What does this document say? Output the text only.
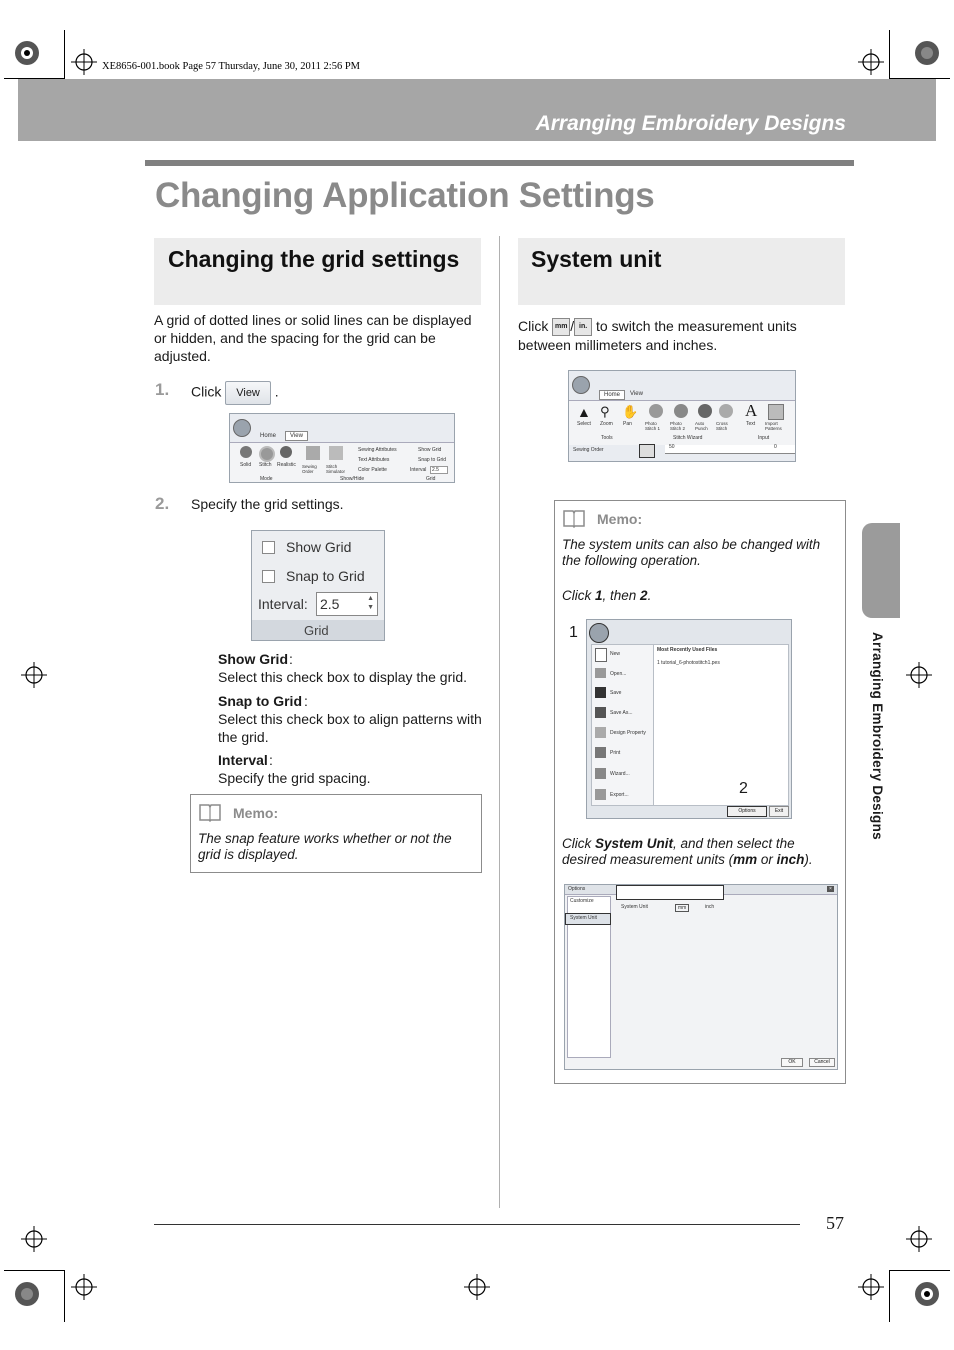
XE8656-001.book Page 57 Thursday, June 30, 2011 2:56 PM
Arranging Embroidery Designs
Changing Application Settings
Changing the grid settings
A grid of dotted lines or solid lines can be displayed or hidden, and the spacing for the grid can be adjusted.
1. Click View .
Home	View
Solid Stitch Realistic Sewing Order
Stitch Simulator
Sewing Attributes
Text Attributes
Color Palette
Show Grid
Snap to Grid
Interval	2.5
Mode	Show/Hide	Grid
2. Specify the grid settings.
Show Grid
Snap to Grid
Interval: 2.5	▲
▼
Grid
Show Grid :
Select this check box to display the grid.
Snap to Grid :
Select this check box to align patterns with the grid.
Interval :
Specify the grid spacing.
Memo:
The snap feature works whether or not the grid is displayed.
System unit
Click mm / in. to switch the measurement units between millimeters and inches.
Home	View
Select Zoom Pan	Photo Stitch 1
Photo Stitch 2
Auto Punch
Cross Stitch
Text Import Patterns
▲ ⚲ ✋	A
Tools	Stitch Wizard	Input
Sewing Order	50	0
Memo:
The system units can also be changed with the following operation.
Click 1, then 2.
1
New
Open...
Save
Save As...
Design Property
Print
Wizard...
Export...
Most Recently Used Files
1 tutorial_6-photostitch1.pes
Options	Exit
2
Click System Unit, and then select the desired measurement units (mm or inch).
Options	×
Customize
System Unit
System Unit	mm	inch
OK	Cancel
Arranging Embroidery Designs
57
